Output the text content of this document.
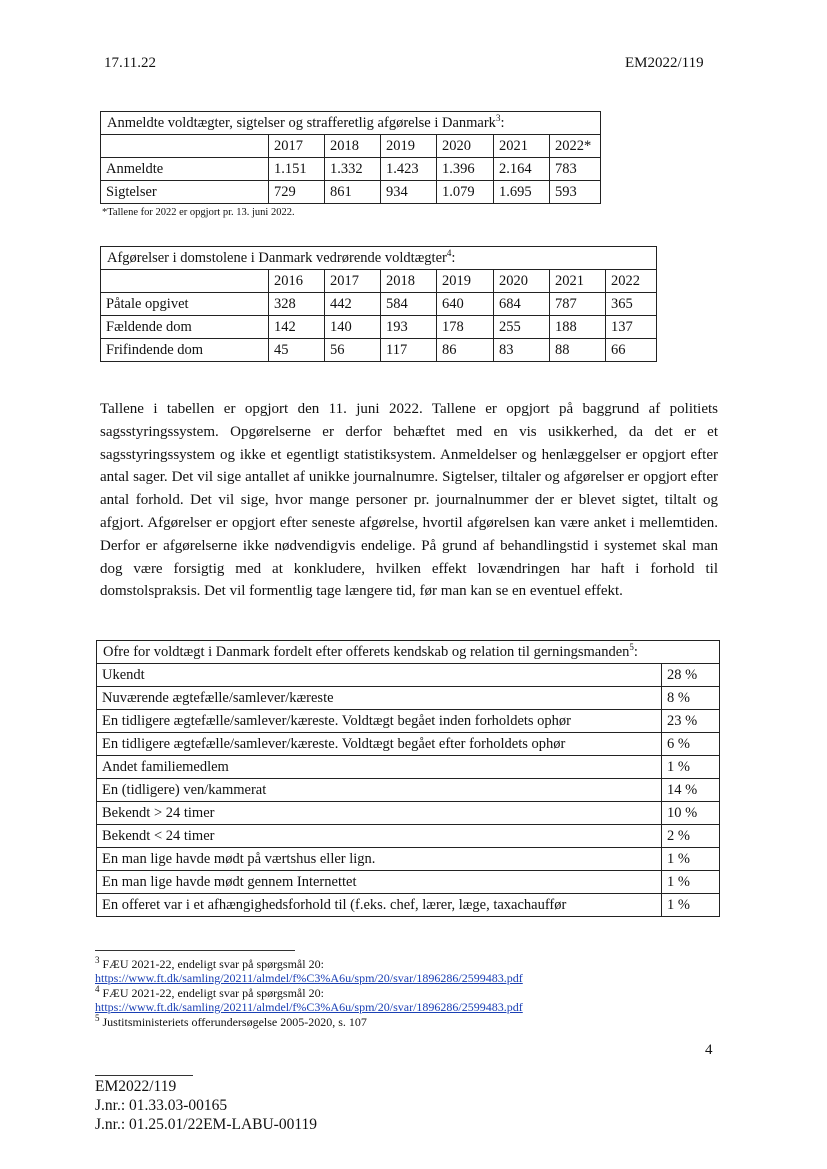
17.11.22	EM2022/119
Anmeldte voldtægter, sigtelser og strafferetlig afgørelse i Danmark$^3$:						
	2017	2018	2019	2020	2021	2022*
Anmeldte	1.151	1.332	1.423	1.396	2.164	783
Sigtelser	729	861	934	1.079	1.695	593
*Tallene for 2022 er opgjort pr. 13. juni 2022.
Afgørelser i domstolene i Danmark vedrørende voldtægter$^4$:							
	2016	2017	2018	2019	2020	2021	2022
Påtale opgivet	328	442	584	640	684	787	365
Fældende dom	142	140	193	178	255	188	137
Frifindende dom	45	56	117	86	83	88	66

Tallene i tabellen er opgjort den 11. juni 2022. Tallene er opgjort på baggrund af politiets sagsstyringssystem. Opgørelserne er derfor behæftet med en vis usikkerhed, da det er et sagsstyringssystem og ikke et egentligt statistiksystem. Anmeldelser og henlæggelser er opgjort efter antal sager. Det vil sige antallet af unikke journalnumre. Sigtelser, tiltaler og afgørelser er opgjort efter antal forhold. Det vil sige, hvor mange personer pr. journalnummer der er blevet sigtet, tiltalt og afgjort. Afgørelser er opgjort efter seneste afgørelse, hvortil afgørelsen kan være anket i mellemtiden. Derfor er afgørelserne ikke nødvendigvis endelige. På grund af behandlingstid i systemet skal man dog være forsigtig med at konkludere, hvilken effekt lovændringen har haft i forhold til domstolspraksis. Det vil formentlig tage længere tid, før man kan se en eventuel effekt.

Ofre for voldtægt i Danmark fordelt efter offerets kendskab og relation til gerningsmanden$^5$:	
Ukendt	28 %
Nuværende ægtefælle/samlever/kæreste	8 %
En tidligere ægtefælle/samlever/kæreste. Voldtægt begået inden forholdets ophør	23 %
En tidligere ægtefælle/samlever/kæreste. Voldtægt begået efter forholdets ophør	6 %
Andet familiemedlem	1 %
En (tidligere) ven/kammerat	14 %
Bekendt > 24 timer	10 %
Bekendt < 24 timer	2 %
En man lige havde mødt på værtshus eller lign.	1 %
En man lige havde mødt gennem Internettet	1 %
En offeret var i et afhængighedsforhold til (f.eks. chef, lærer, læge, taxachauffør	1 %
$^3$ FÆU 2021-22, endeligt svar på spørgsmål 20:
https://www.ft.dk/samling/20211/almdel/f%C3%A6u/spm/20/svar/1896286/2599483.pdf
$^4$ FÆU 2021-22, endeligt svar på spørgsmål 20:
https://www.ft.dk/samling/20211/almdel/f%C3%A6u/spm/20/svar/1896286/2599483.pdf
$^5$ Justitsministeriets offerundersøgelse 2005-2020, s. 107
4
EM2022/119
J.nr.: 01.33.03-00165
J.nr.: 01.25.01/22EM-LABU-00119
